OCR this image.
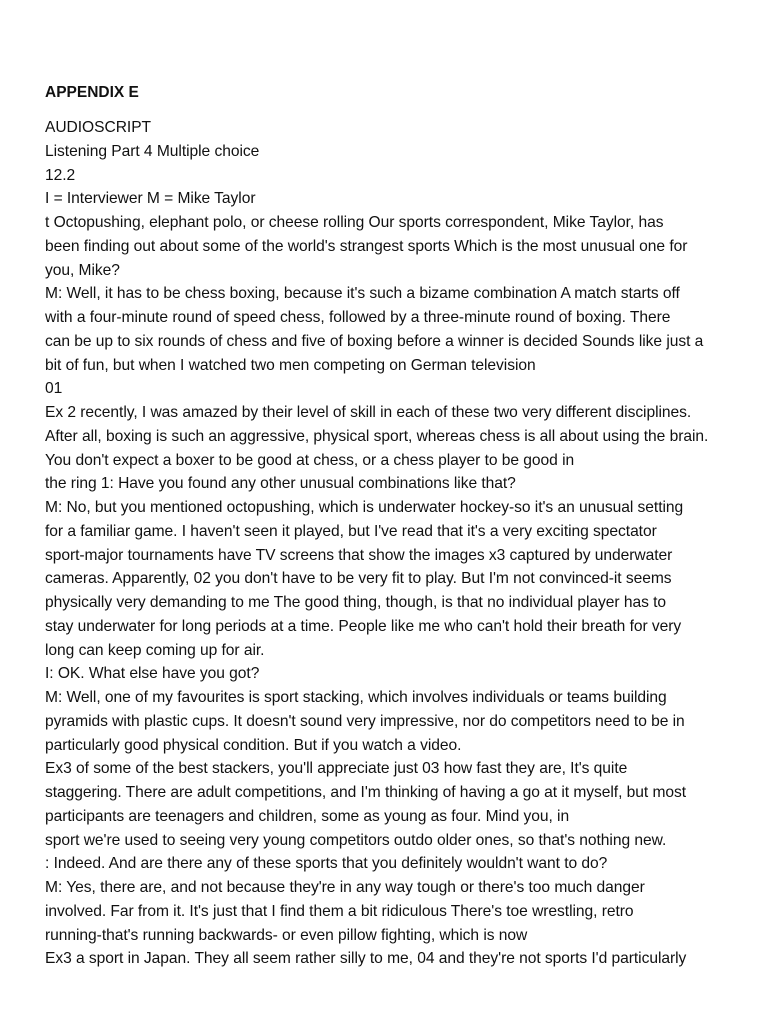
APPENDIX E
AUDIOSCRIPT
Listening Part 4 Multiple choice
12.2
I = Interviewer M = Mike Taylor
t Octopushing, elephant polo, or cheese rolling Our sports correspondent, Mike Taylor, has
been finding out about some of the world's strangest sports Which is the most unusual one for
you, Mike?
M: Well, it has to be chess boxing, because it's such a bizame combination A match starts off
with a four-minute round of speed chess, followed by a three-minute round of boxing. There
can be up to six rounds of chess and five of boxing before a winner is decided Sounds like just a
bit of fun, but when I watched two men competing on German television
01
Ex 2 recently, I was amazed by their level of skill in each of these two very different disciplines.
After all, boxing is such an aggressive, physical sport, whereas chess is all about using the brain.
You don't expect a boxer to be good at chess, or a chess player to be good in
the ring 1: Have you found any other unusual combinations like that?
M: No, but you mentioned octopushing, which is underwater hockey-so it's an unusual setting
for a familiar game. I haven't seen it played, but I've read that it's a very exciting spectator
sport-major tournaments have TV screens that show the images x3 captured by underwater
cameras. Apparently, 02 you don't have to be very fit to play. But I'm not convinced-it seems
physically very demanding to me The good thing, though, is that no individual player has to
stay underwater for long periods at a time. People like me who can't hold their breath for very
long can keep coming up for air.
I: OK. What else have you got?
M: Well, one of my favourites is sport stacking, which involves individuals or teams building
pyramids with plastic cups. It doesn't sound very impressive, nor do competitors need to be in
particularly good physical condition. But if you watch a video.
Ex3 of some of the best stackers, you'll appreciate just 03 how fast they are, It's quite
staggering. There are adult competitions, and I'm thinking of having a go at it myself, but most
participants are teenagers and children, some as young as four. Mind you, in
sport we're used to seeing very young competitors outdo older ones, so that's nothing new.
: Indeed. And are there any of these sports that you definitely wouldn't want to do?
M: Yes, there are, and not because they're in any way tough or there's too much danger
involved. Far from it. It's just that I find them a bit ridiculous There's toe wrestling, retro
running-that's running backwards- or even pillow fighting, which is now
Ex3 a sport in Japan. They all seem rather silly to me, 04 and they're not sports I'd particularly
